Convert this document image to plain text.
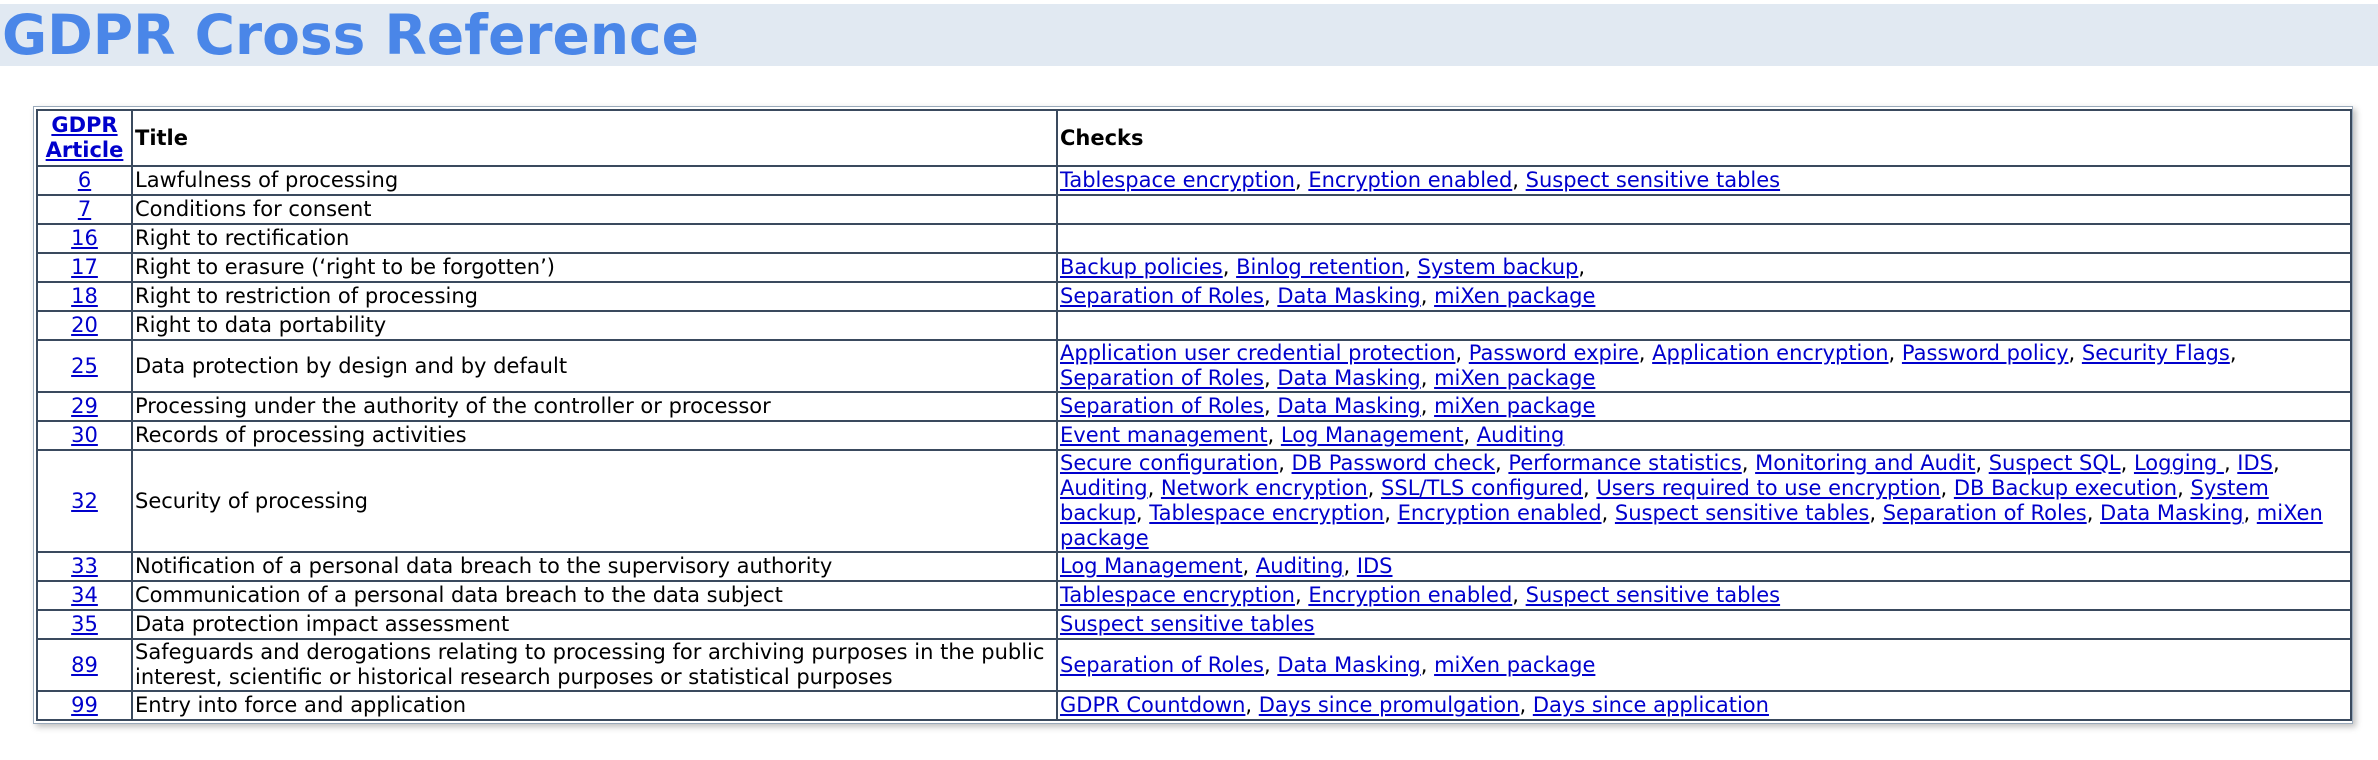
GDPR Cross Reference
GDPR Article	Title	Checks
6	Lawfulness of processing	Tablespace encryption, Encryption enabled, Suspect sensitive tables
7	Conditions for consent	
16	Right to rectification	
17	Right to erasure (‘right to be forgotten’)	Backup policies, Binlog retention, System backup,
18	Right to restriction of processing	Separation of Roles, Data Masking, miXen package
20	Right to data portability	
25	Data protection by design and by default	Application user credential protection, Password expire, Application encryption, Password policy, Security Flags, Separation of Roles, Data Masking, miXen package
29	Processing under the authority of the controller or processor	Separation of Roles, Data Masking, miXen package
30	Records of processing activities	Event management, Log Management, Auditing
32	Security of processing	Secure configuration, DB Password check, Performance statistics, Monitoring and Audit, Suspect SQL, Logging , IDS, Auditing, Network encryption, SSL/TLS configured, Users required to use encryption, DB Backup execution, System backup, Tablespace encryption, Encryption enabled, Suspect sensitive tables, Separation of Roles, Data Masking, miXen package
33	Notification of a personal data breach to the supervisory authority	Log Management, Auditing, IDS
34	Communication of a personal data breach to the data subject	Tablespace encryption, Encryption enabled, Suspect sensitive tables
35	Data protection impact assessment	Suspect sensitive tables
89	Safeguards and derogations relating to processing for archiving purposes in the public interest, scientific or historical research purposes or statistical purposes	Separation of Roles, Data Masking, miXen package
99	Entry into force and application	GDPR Countdown, Days since promulgation, Days since application
